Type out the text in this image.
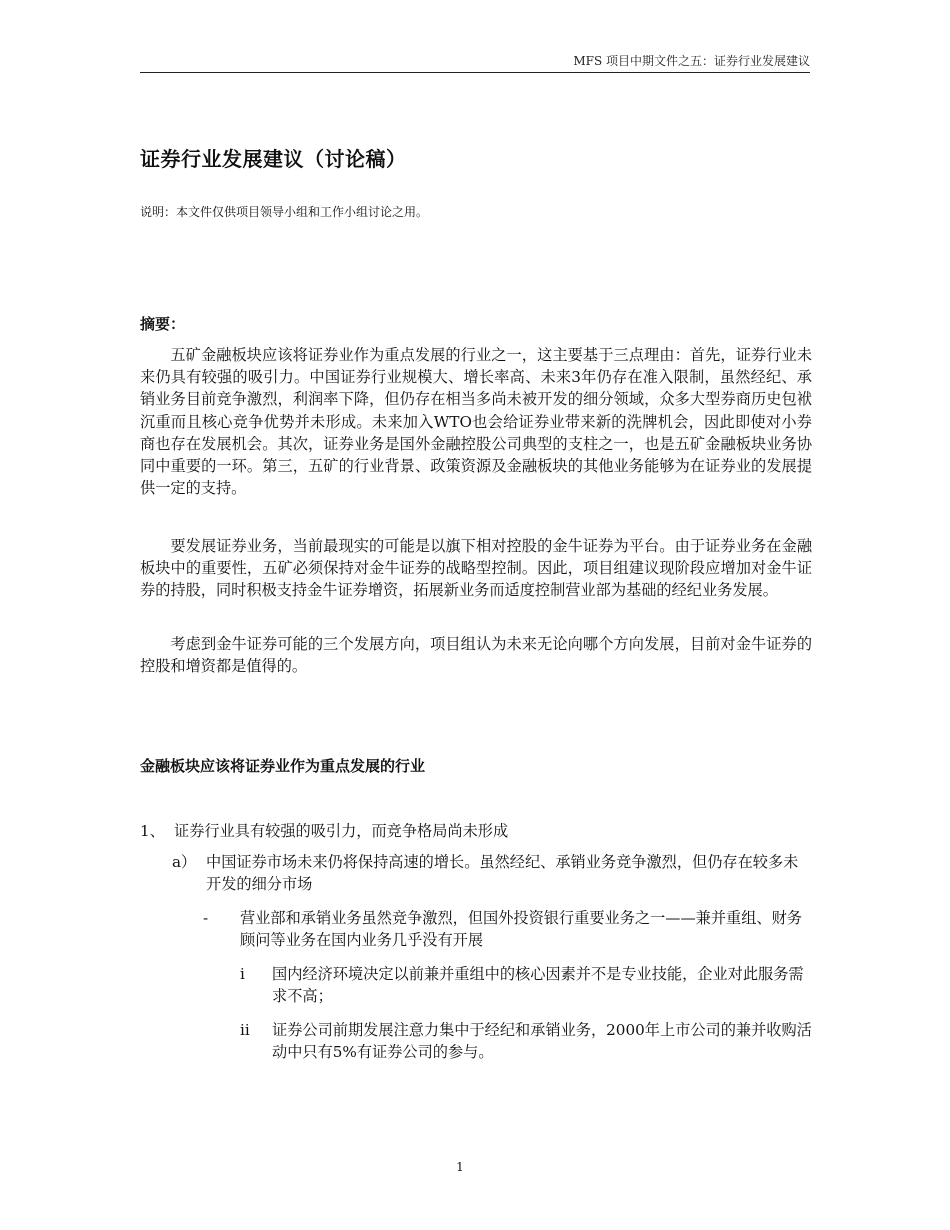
MFS 项目中期文件之五：证券行业发展建议
证券行业发展建议（讨论稿）
说明：本文件仅供项目领导小组和工作小组讨论之用。
摘要：

五矿金融板块应该将证券业作为重点发展的行业之一，这主要基于三点理由：首先，证券行业未来仍具有较强的吸引力。中国证券行业规模大、增长率高、未来3年仍存在准入限制，虽然经纪、承销业务目前竞争激烈，利润率下降，但仍存在相当多尚未被开发的细分领域，众多大型券商历史包袱沉重而且核心竞争优势并未形成。未来加入WTO也会给证券业带来新的洗牌机会，因此即使对小券商也存在发展机会。其次，证券业务是国外金融控股公司典型的支柱之一，也是五矿金融板块业务协同中重要的一环。第三，五矿的行业背景、政策资源及金融板块的其他业务能够为在证券业的发展提供一定的支持。

要发展证券业务，当前最现实的可能是以旗下相对控股的金牛证券为平台。由于证券业务在金融板块中的重要性，五矿必须保持对金牛证券的战略型控制。因此，项目组建议现阶段应增加对金牛证券的持股，同时积极支持金牛证券增资，拓展新业务而适度控制营业部为基础的经纪业务发展。

考虑到金牛证券可能的三个发展方向，项目组认为未来无论向哪个方向发展，目前对金牛证券的控股和增资都是值得的。

金融板块应该将证券业作为重点发展的行业
1、 证券行业具有较强的吸引力，而竞争格局尚未形成
a） 中国证券市场未来仍将保持高速的增长。虽然经纪、承销业务竞争激烈，但仍存在较多未开发的细分市场
- 营业部和承销业务虽然竞争激烈，但国外投资银行重要业务之一——兼并重组、财务顾问等业务在国内业务几乎没有开展
i 国内经济环境决定以前兼并重组中的核心因素并不是专业技能，企业对此服务需求不高；
ii 证券公司前期发展注意力集中于经纪和承销业务，2000年上市公司的兼并收购活动中只有5%有证券公司的参与。
1
